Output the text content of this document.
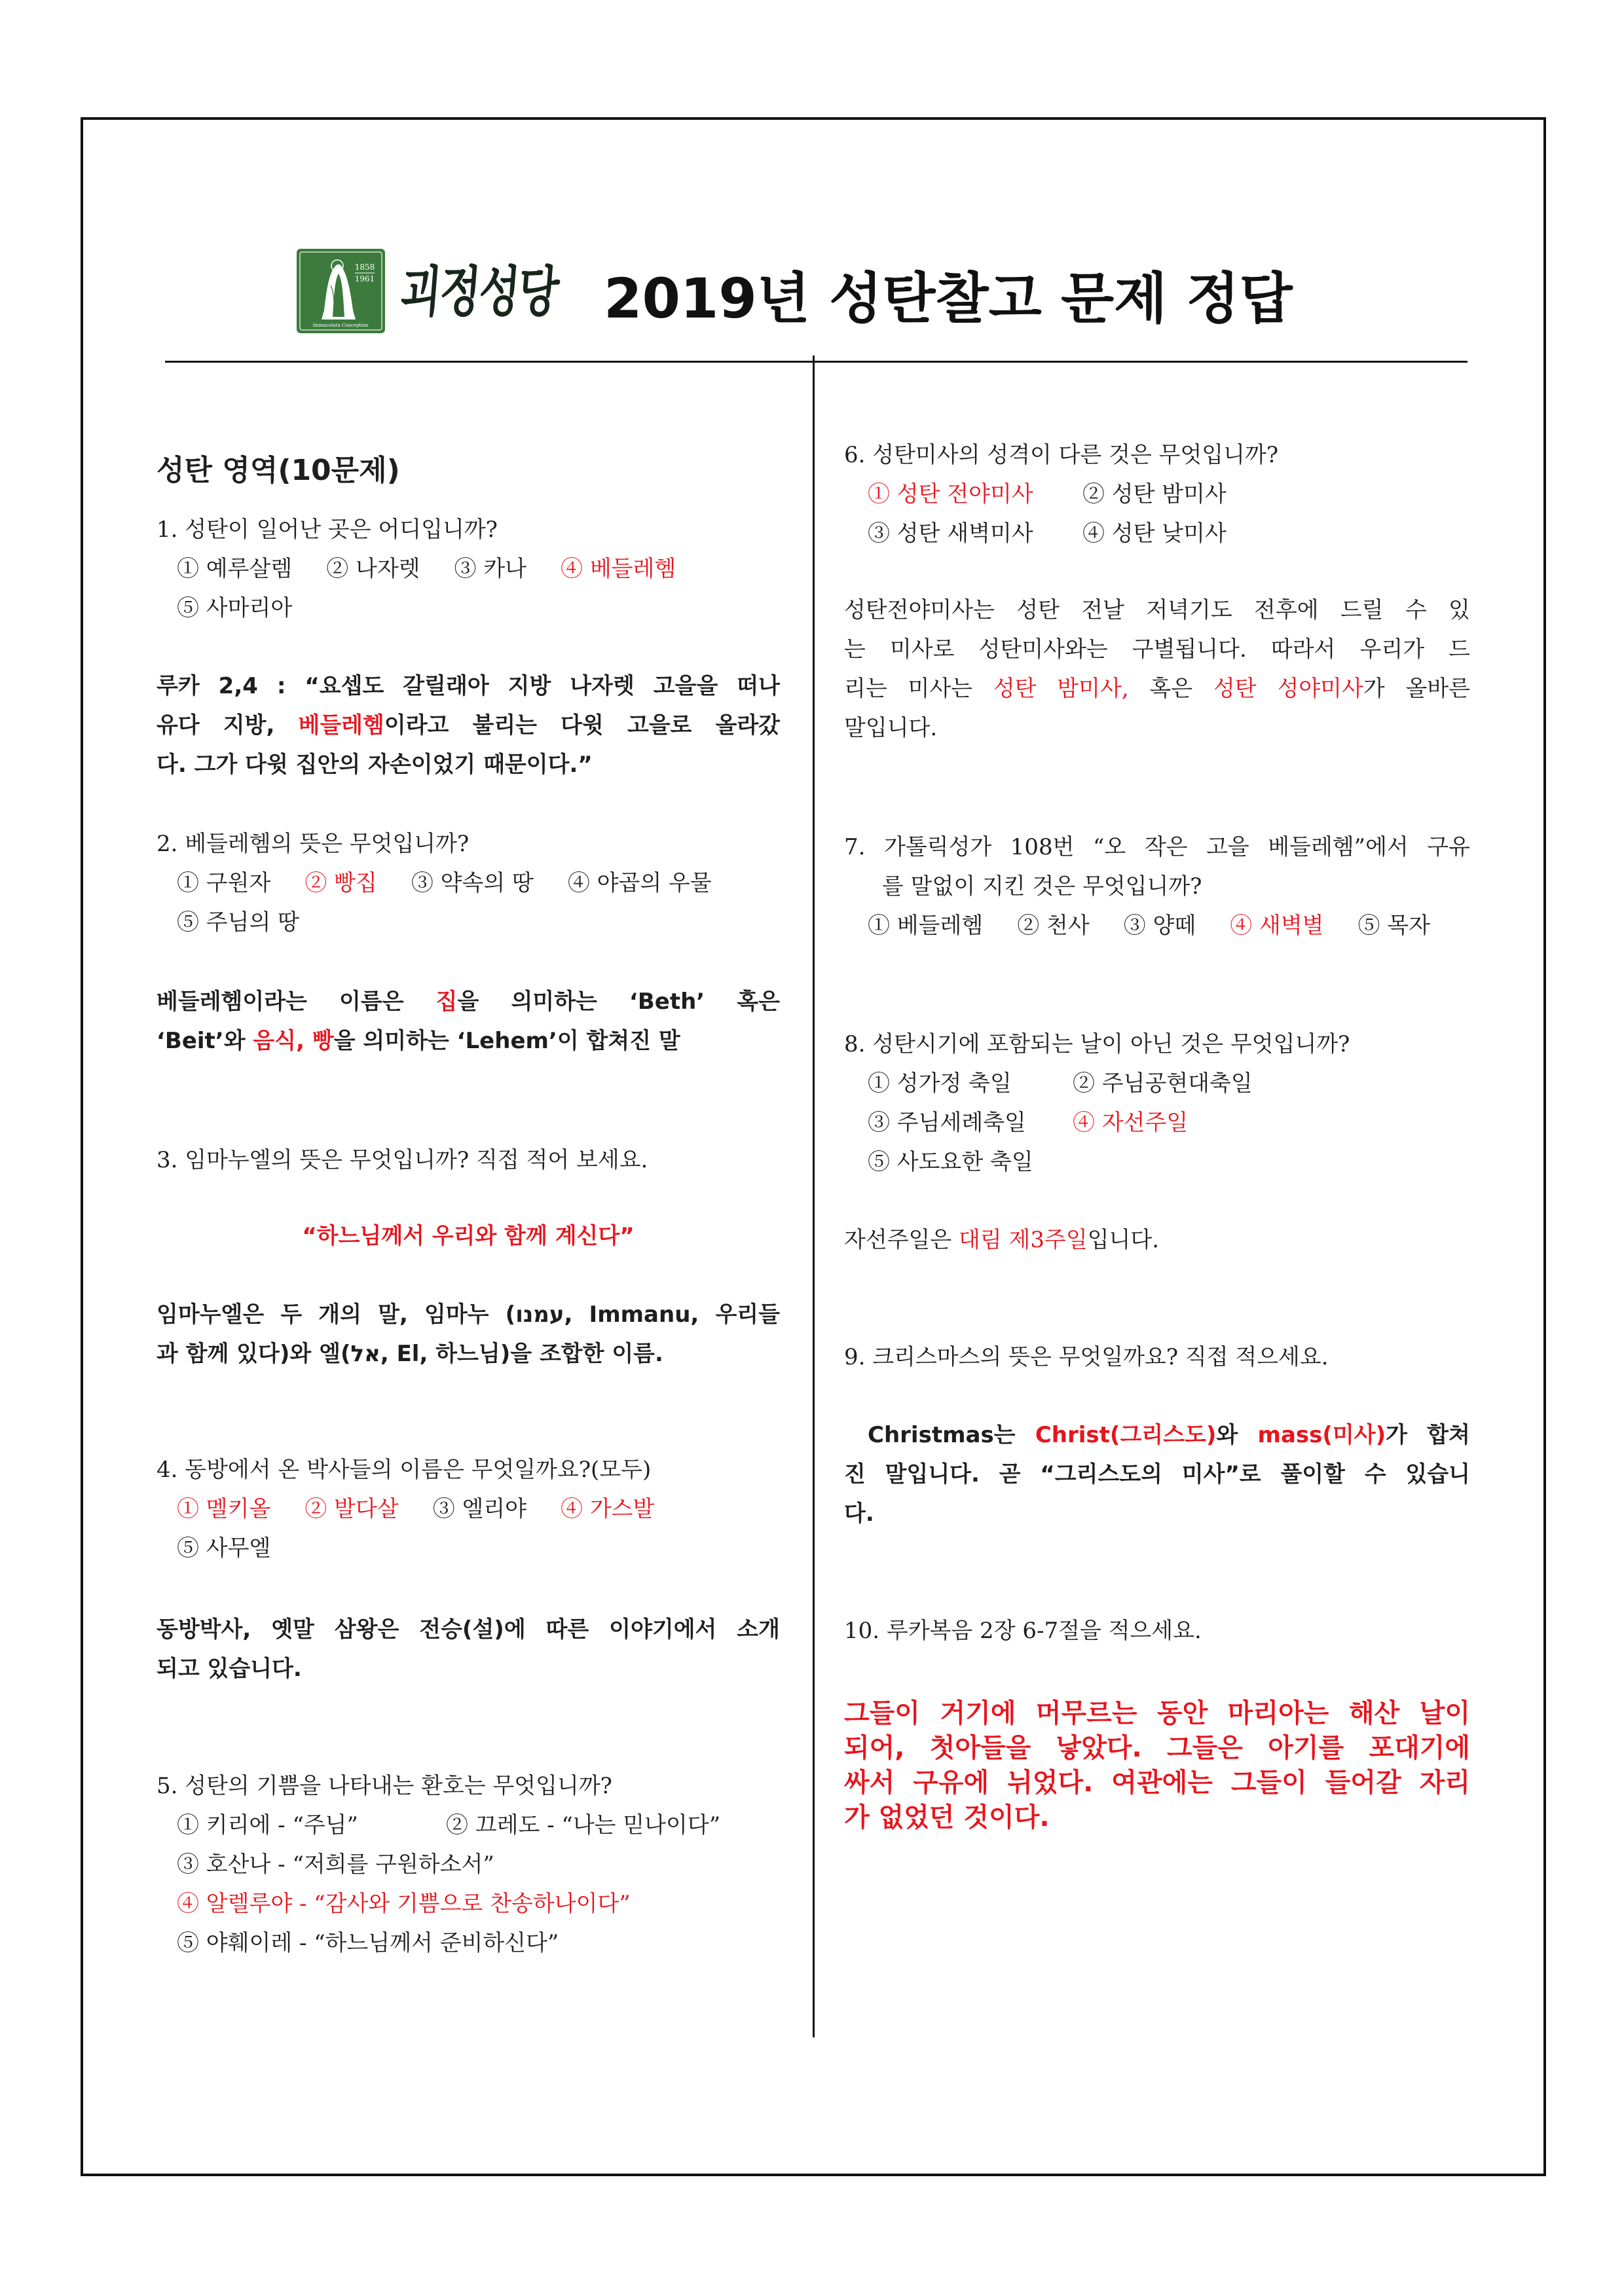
1858
1961
Immaculata Conception
괴정성당 2019년 성탄찰고 문제 정답
성탄 영역(10문제)
1. 성탄이 일어난 곳은 어디입니까?
① 예루살렘 ② 나자렛 ③ 카나 ④ 베들레헴
⑤ 사마리아
루카 2,4 : “요셉도 갈릴래아 지방 나자렛 고을을 떠나
유다 지방, 베들레헴이라고 불리는 다윗 고을로 올라갔
다. 그가 다윗 집안의 자손이었기 때문이다.”
2. 베들레헴의 뜻은 무엇입니까?
① 구원자 ② 빵집 ③ 약속의 땅 ④ 야곱의 우물
⑤ 주님의 땅
베들레헴이라는 이름은 집을 의미하는 ‘Beth’ 혹은
‘Beit’와 음식, 빵을 의미하는 ‘Lehem’이 합쳐진 말
3. 임마누엘의 뜻은 무엇입니까? 직접 적어 보세요.
“하느님께서 우리와 함께 계신다”
임마누엘은 두 개의 말, 임마누 (עמנו, Immanu, 우리들
과 함께 있다)와 엘(אל, El, 하느님)을 조합한 이름.
4. 동방에서 온 박사들의 이름은 무엇일까요?(모두)
① 멜키올 ② 발다살 ③ 엘리야 ④ 가스발
⑤ 사무엘
동방박사, 옛말 삼왕은 전승(설)에 따른 이야기에서 소개
되고 있습니다.
5. 성탄의 기쁨을 나타내는 환호는 무엇입니까?
① 키리에 - “주님”	② 끄레도 - “나는 믿나이다”
③ 호산나 - “저희를 구원하소서”
④ 알렐루야 - “감사와 기쁨으로 찬송하나이다”
⑤ 야훼이레 - “하느님께서 준비하신다”
6. 성탄미사의 성격이 다른 것은 무엇입니까?
① 성탄 전야미사 ② 성탄 밤미사
③ 성탄 새벽미사 ④ 성탄 낮미사
성탄전야미사는 성탄 전날 저녁기도 전후에 드릴 수 있
는 미사로 성탄미사와는 구별됩니다. 따라서 우리가 드
리는 미사는 성탄 밤미사, 혹은 성탄 성야미사가 올바른
말입니다.
7. 가톨릭성가 108번 “오 작은 고을 베들레헴”에서 구유
를 말없이 지킨 것은 무엇입니까?
① 베들레헴 ② 천사 ③ 양떼 ④ 새벽별 ⑤ 목자
8. 성탄시기에 포함되는 날이 아닌 것은 무엇입니까?
① 성가정 축일	② 주님공현대축일
③ 주님세례축일 ④ 자선주일
⑤ 사도요한 축일
자선주일은 대림 제3주일입니다.
9. 크리스마스의 뜻은 무엇일까요? 직접 적으세요.
Christmas는 Christ(그리스도)와 mass(미사)가 합쳐
진 말입니다. 곧 “그리스도의 미사”로 풀이할 수 있습니
다.
10. 루카복음 2장 6-7절을 적으세요.
그들이 거기에 머무르는 동안 마리아는 해산 날이
되어, 첫아들을 낳았다. 그들은 아기를 포대기에
싸서 구유에 뉘었다. 여관에는 그들이 들어갈 자리
가 없었던 것이다.
